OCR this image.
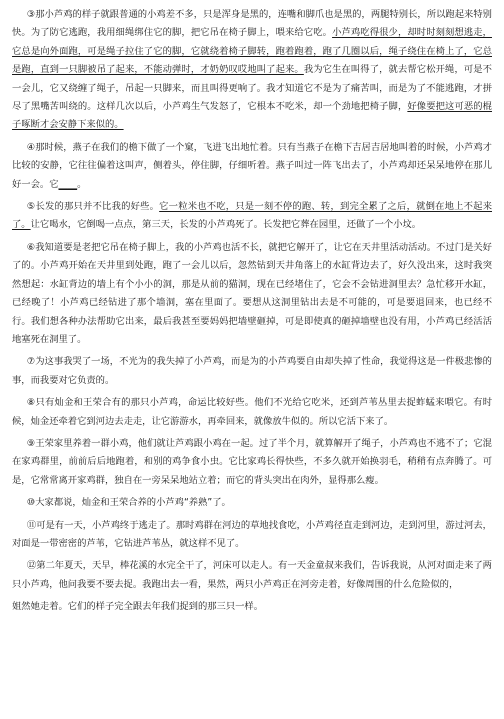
③那小芦鸡的样子就跟普通的小鸡差不多，只是浑身是黑的，连嘴和脚爪也是黑的，两腿特别长，所以跑起来特别快。为了防它逃跑，我用细绳绑住它的脚，把它吊在椅子脚上，喂来给它吃。小芦鸡吃得很少，却时时刻刻想逃走，它总是向外面跑，可是绳子拉住了它的脚，它就绕着椅子脚转，跑着跑着，跑了几圈以后，绳子绕住在椅上了，它总是跑，直到一只脚被吊了起来，不能动弹时，才奶奶叹哎地叫了起来。我为它生在叫得了，就去帮它松开绳，可是不一会儿，它又绕缠了绳子，吊起一只脚来，而且叫得更响了。我才知道它不是为了痛苦叫，而是为了不能逃跑，才拼尽了黑嘴苦叫绕的。这样几次以后，小芦鸡生气发怒了，它根本不吃米，却一个劲地把椅子脚，好像要把这可恶的棍子啄断才会安静下来似的。

④那时候，燕子在我们的檐下做了一个窠，飞进飞出地忙着。只有当燕子在檐下吉居吉居地叫着的时候，小芦鸡才比较的安静，它往往偏着这叫声，侧着头，停住脚，仔细听着。燕子叫过一阵飞出去了，小芦鸡却还呆呆地停在那儿好一会。它____。

⑤长发的那只并不比我的好些。它一粒米也不吃，只是一刻不停的跑、转，到完全累了之后，就倒在地上不起来了。让它喝水，它倒喝一点点，第三天，长发的小芦鸡死了。长发把它葬在园里，还做了一个小坟。

⑥我知道要是老把它吊在椅子脚上，我的小芦鸡也活不长，就把它解开了，让它在天井里活动活动。不过门是关好了的。小芦鸡开始在天井里到处跑，跑了一会儿以后，忽然钻到天井角落上的水缸背边去了，好久没出来，这时我突然想起：水缸背边的墙上有个小小的洞，那是从前的猫洞，现在已经堵住了，它会不会钻进洞里去？急忙移开水缸，已经晚了！小芦鸡已经钻进了那个墙洞，塞在里面了。要想从这洞里钻出去是不可能的，可是要退回来，也已经不行。我们想各种办法帮助它出来，最后我甚至要妈妈把墙壁砸掉，可是即使真的砸掉墙壁也没有用，小芦鸡已经活活地塞死在洞里了。

⑦为这事我哭了一场，不光为的我失掉了小芦鸡，而是为的小芦鸡要自由却失掉了性命，我觉得这是一件极悲惨的事，而我要对它负责的。

⑧只有灿金和王荣合有的那只小芦鸡，命运比较好些。他们不光给它吃米，还到芦苇丛里去捉蚱蜢来喂它。有时候，灿金还牵着它到河边去走走，让它游游水，再牵回来，就像放牛似的。所以它活下来了。

⑨王荣家里养着一群小鸡，他们就让芦鸡跟小鸡在一起。过了半个月，就算解开了绳子，小芦鸡也不逃不了；它混在家鸡群里，前前后后地跑着，和别的鸡争食小虫。它比家鸡长得快些，不多久就开始换羽毛，稍稍有点奔腾了。可是，它常常离开家鸡群，独自在一旁呆呆地站立着；而它的背头突出在肉外，显得那么瘦。

⑩大家都说，灿金和王荣合养的小芦鸡“养熟”了。

⑪可是有一天，小芦鸡终于逃走了。那时鸡群在河边的草地找食吃，小芦鸡径直走到河边，走到河里，游过河去，对面是一带密密的芦苇，它钻进芦苇丛，就这样不见了。

⑫第二年夏天，天早，棒花溪的水完全干了，河床可以走人。有一天金童叔来我们，告诉我说，从河对面走来了两只小芦鸡，他问我要不要去捉。我跑出去一看，果然，两只小芦鸡正在河旁走着，好像周围的什么危险似的，

姐然她走着。它们的样子完全跟去年我们捉到的那三只一样。
